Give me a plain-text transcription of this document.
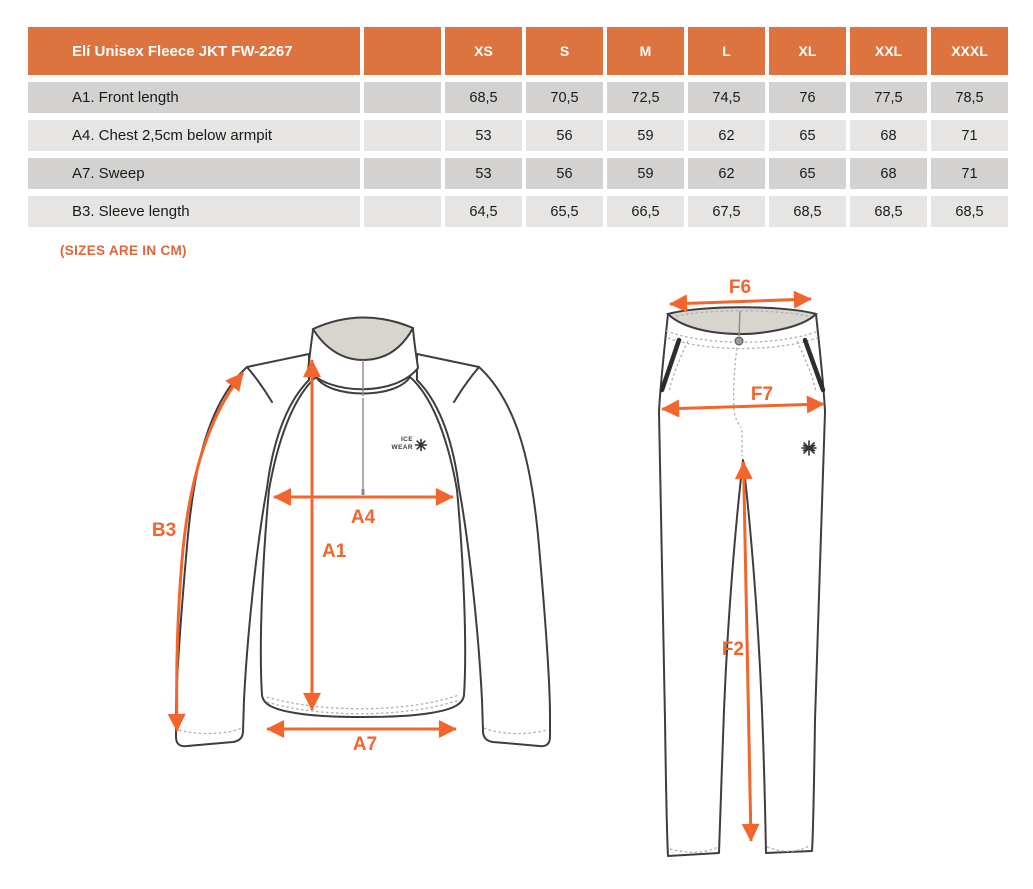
Elí Unisex Fleece JKT FW-2267	XS	S	M	L	XL	XXL	XXXL
A1. Front length	68,5	70,5	72,5	74,5	76	77,5	78,5
A4. Chest 2,5cm below armpit	53	56	59	62	65	68	71
A7. Sweep	53	56	59	62	65	68	71
B3. Sleeve length	64,5	65,5	66,5	67,5	68,5	68,5	68,5
(SIZES ARE IN CM)
ICE
WEAR
B3
A4
A1
A7
F6
F7
F2
